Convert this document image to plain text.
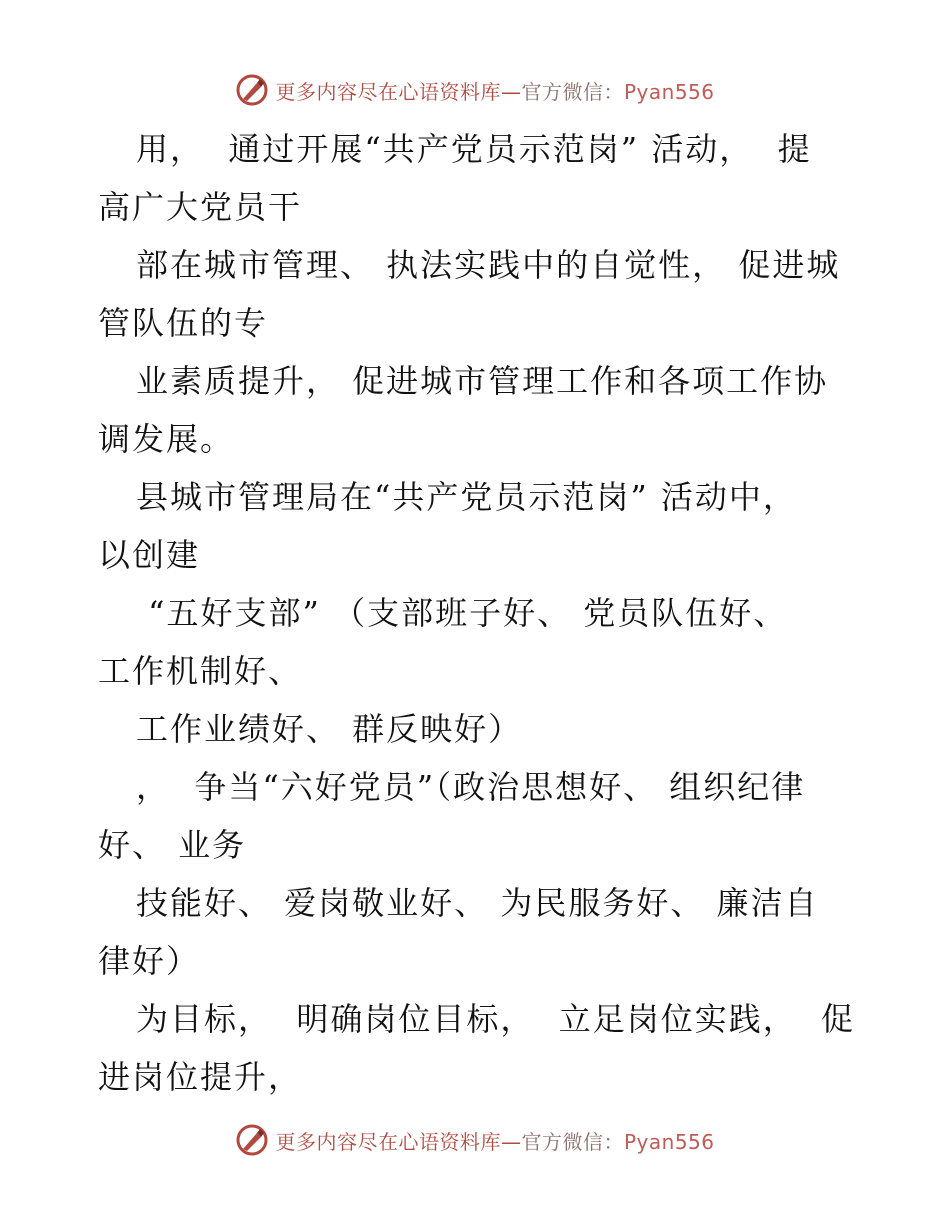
更多内容尽在心语资料库—官方微信：Pyan556
用，  通过开展“共产党员示范岗” 活动，  提
高广大党员干
部在城市管理、 执法实践中的自觉性， 促进城
管队伍的专
业素质提升， 促进城市管理工作和各项工作协
调发展。
县城市管理局在“共产党员示范岗” 活动中，
以创建
“五好支部” （支部班子好、 党员队伍好、
工作机制好、
工作业绩好、 群反映好）
，  争当“六好党员”（政治思想好、 组织纪律
好、 业务
技能好、 爱岗敬业好、 为民服务好、 廉洁自
律好）
为目标，  明确岗位目标，  立足岗位实践，  促
进岗位提升，
更多内容尽在心语资料库—官方微信：Pyan556
